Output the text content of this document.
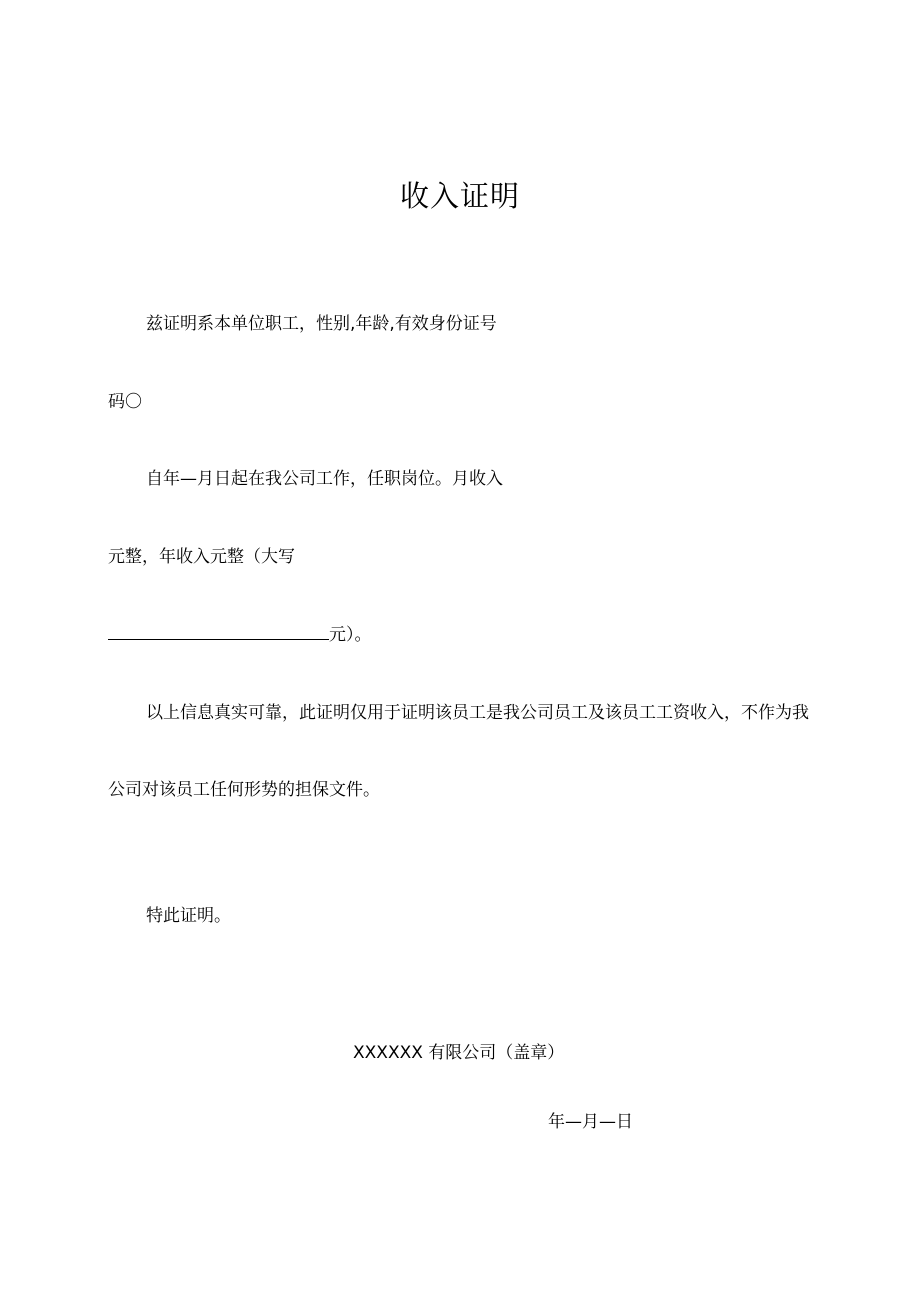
收入证明

兹证明系本单位职工，性别,年龄,有效身份证号

码〇

自年—月日起在我公司工作，任职岗位。月收入

元整，年收入元整（大写

元）。

以上信息真实可靠，此证明仅用于证明该员工是我公司员工及该员工工资收入，不作为我

公司对该员工任何形势的担保文件。

特此证明。

XXXXXX 有限公司（盖章）

年—月—日
